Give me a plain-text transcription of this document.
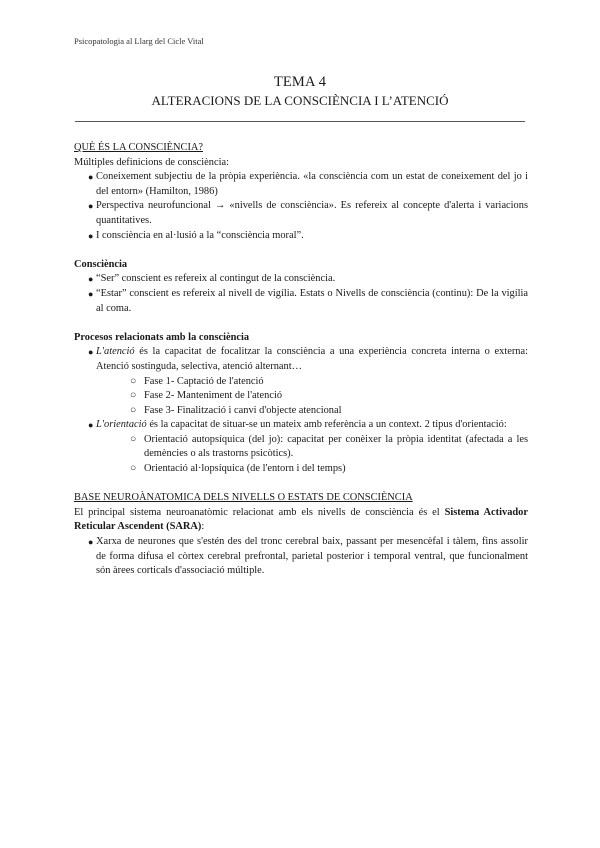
Psicopatologia al Llarg del Cicle Vital
TEMA 4
ALTERACIONS DE LA CONSCIÈNCIA I L’ATENCIÓ

QUÈ ÉS LA CONSCIÈNCIA?

Múltiples definicions de consciència:

● Coneixement subjectiu de la pròpia experiència. «la consciència com un estat de coneixement del jo i del entorn» (Hamilton, 1986)
● Perspectiva neurofuncional → «nivells de consciència». Es refereix al concepte d'alerta i variacions quantitatives.
● I consciència en al·lusió a la “consciència moral”.

Consciència

● “Ser” conscient es refereix al contingut de la consciència.
● “Estar” conscient es refereix al nivell de vigília. Estats o Nivells de consciència (continu): De la vigília al coma.

Procesos relacionats amb la consciència

● L'atenció és la capacitat de focalitzar la consciència a una experiència concreta interna o externa: Atenció sostinguda, selectiva, atenció alternant…
○ Fase 1- Captació de l'atenció
○ Fase 2- Manteniment de l'atenció
○ Fase 3- Finalització i canvi d'objecte atencional
● L'orientació és la capacitat de situar-se un mateix amb referència a un context. 2 tipus d'orientació:
○ Orientació autopsíquica (del jo): capacitat per conèixer la pròpia identitat (afectada a les demències o als trastorns psicòtics).
○ Orientació al·lopsíquica (de l'entorn i del temps)

BASE NEUROÀNATOMICA DELS NIVELLS O ESTATS DE CONSCIÈNCIA

El principal sistema neuroanatòmic relacionat amb els nivells de consciència és el Sistema Activador Reticular Ascendent (SARA):

● Xarxa de neurones que s'estén des del tronc cerebral baix, passant per mesencèfal i tàlem, fins assolir de forma difusa el còrtex cerebral prefrontal, parietal posterior i temporal ventral, que funcionalment són àrees corticals d'associació múltiple.
